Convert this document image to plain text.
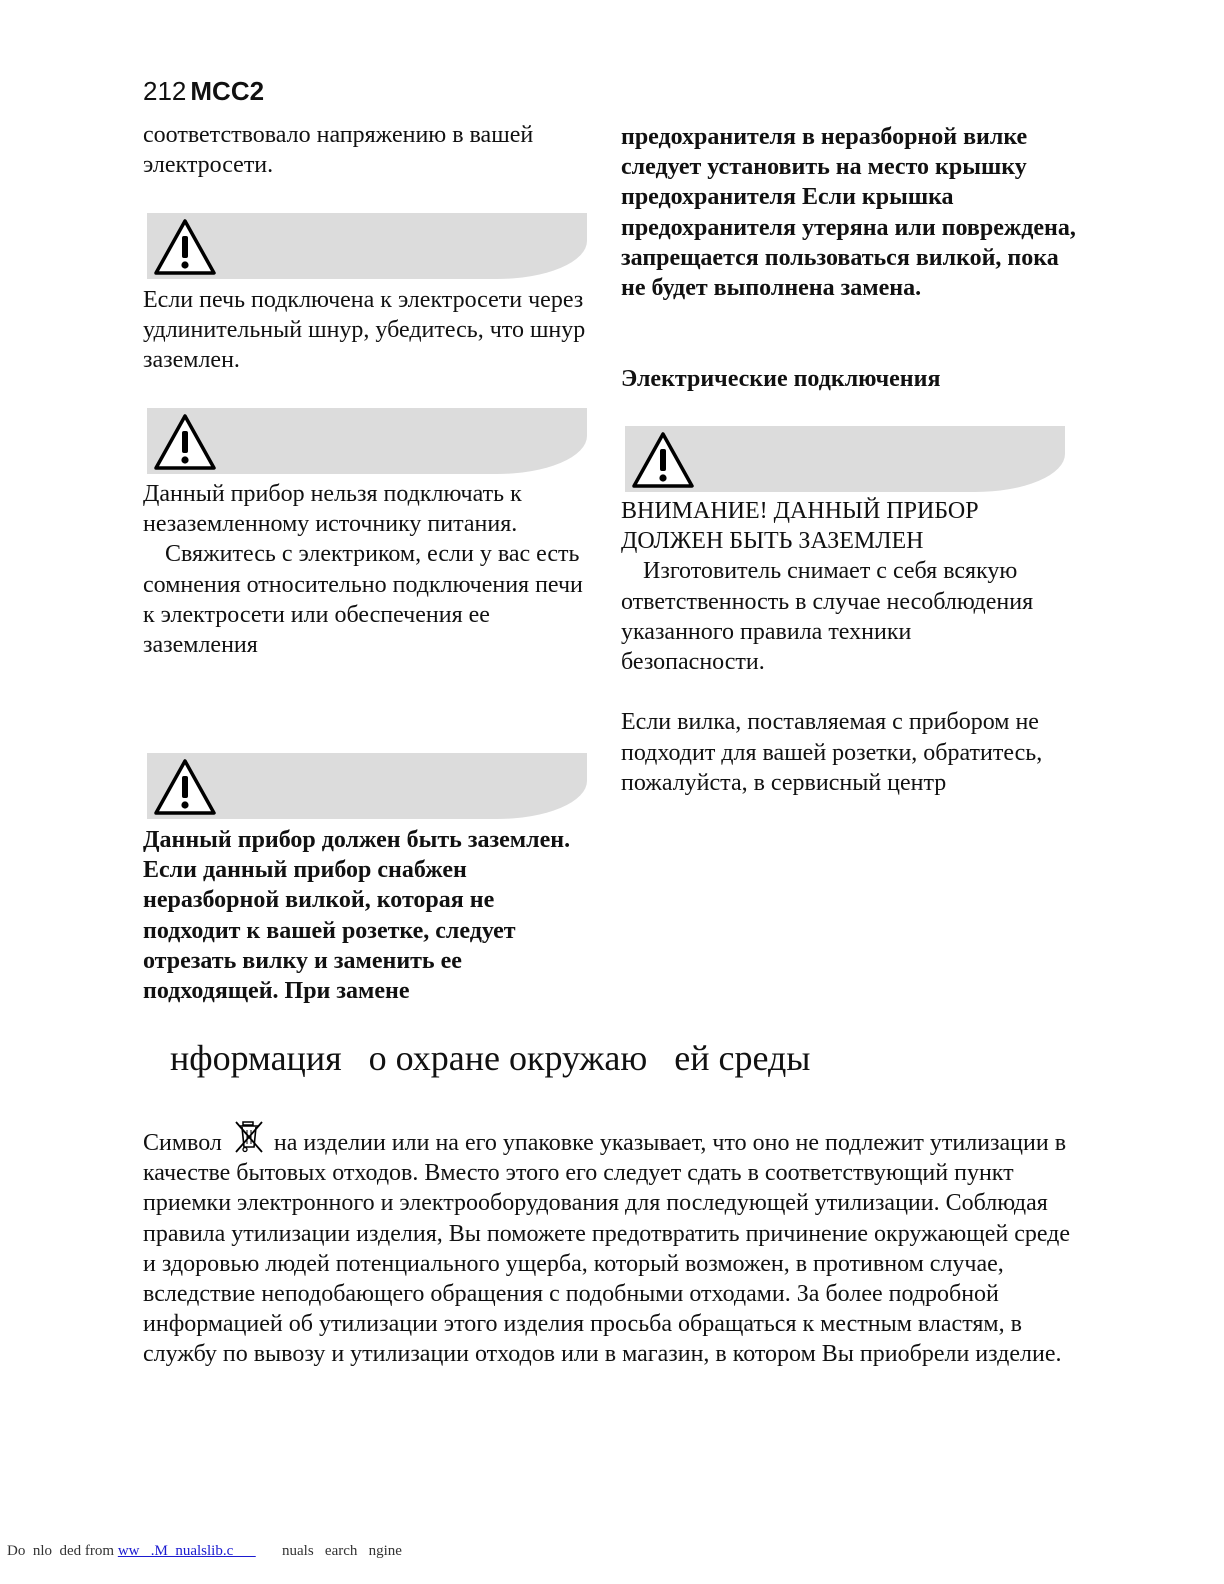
212 MCC2

соответствовало напряжению в вашей электросети.

Если печь подключена к электросети через удлинительный шнур, убедитесь, что шнур заземлен.

Данный прибор нельзя подключать к незаземленному источнику питания.

Свяжитесь с электриком, если у вас есть сомнения относительно подключения печи к электросети или обеспечения ее

заземления

Данный прибор должен быть заземлен. Если данный прибор снабжен неразборной вилкой, которая не подходит к вашей розетке, следует отрезать вилку и заменить ее подходящей. При замене

предохранителя в неразборной вилке следует установить на место крышку предохранителя Если крышка предохранителя утеряна или повреждена, запрещается пользоваться вилкой, пока не будет выполнена замена.

Электрические подключения

ВНИМАНИЕ! ДАННЫЙ ПРИБОР ДОЛЖЕН БЫТЬ ЗАЗЕМЛЕН

Изготовитель снимает с себя всякую ответственность в случае несоблюдения указанного правила техники безопасности.

Если вилка, поставляемая с прибором не подходит для вашей розетки, обратитесь, пожалуйста, в сервисный центр

нформация   о охране окружаю   ей среды

Символ на изделии или на его упаковке указывает, что оно не подлежит утилизации в качестве бытовых отходов. Вместо этого его следует сдать в соответствующий пункт приемки электронного и электрооборудования для последующей утилизации. Соблюдая правила утилизации изделия, Вы поможете предотвратить причинение окружающей среде и здоровью людей потенциального ущерба, который возможен, в противном случае, вследствие неподобающего обращения с подобными отходами. За более подробной информацией об утилизации этого изделия просьба обращаться к местным властям, в службу по вывозу и утилизации отходов или в магазин, в котором Вы приобрели изделие.

Do  nlo  ded from ww   .M  nualslib.c             nuals   earch   ngine
